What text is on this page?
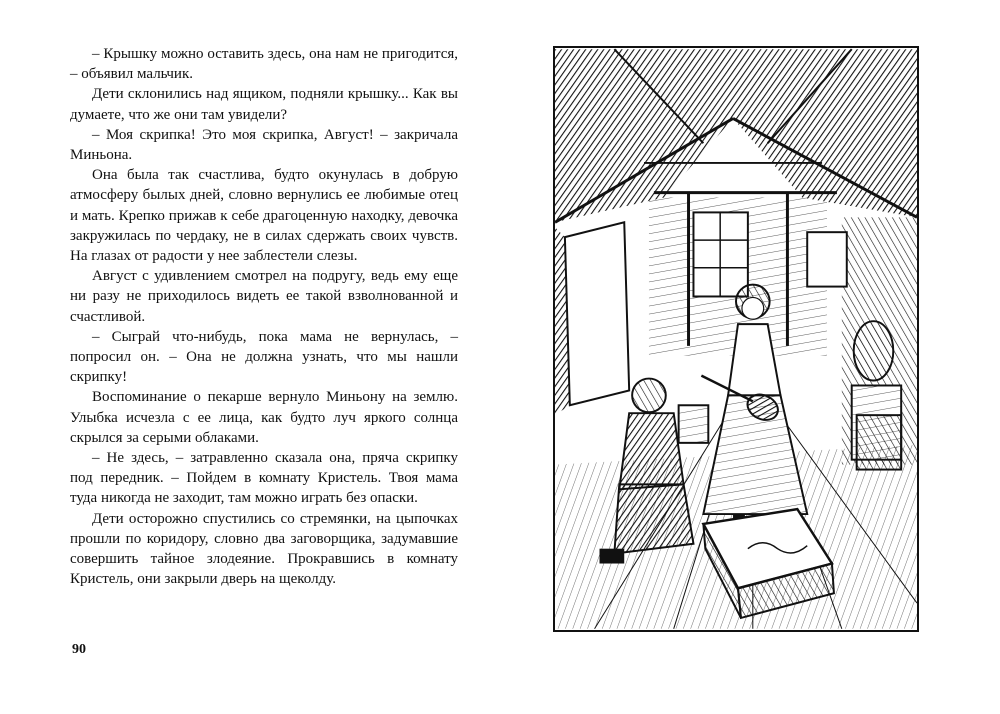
– Крышку можно оставить здесь, она нам не пригодится, – объявил мальчик.

Дети склонились над ящиком, подняли крышку... Как вы думаете, что же они там увидели?

– Моя скрипка! Это моя скрипка, Август! – закричала Миньона.

Она была так счастлива, будто окунулась в добрую атмосферу былых дней, словно вернулись ее любимые отец и мать. Крепко прижав к себе драгоценную находку, девочка закружилась по чердаку, не в силах сдержать своих чувств. На глазах от радости у нее заблестели слезы.

Август с удивлением смотрел на подругу, ведь ему еще ни разу не приходилось видеть ее такой взволнованной и счастливой.

– Сыграй что-нибудь, пока мама не вернулась, – попросил он. – Она не должна узнать, что мы нашли скрипку!

Воспоминание о пекарше вернуло Миньону на землю. Улыбка исчезла с ее лица, как будто луч яркого солнца скрылся за серыми облаками.

– Не здесь, – затравленно сказала она, пряча скрипку под передник. – Пойдем в комнату Кристель. Твоя мама туда никогда не заходит, там можно играть без опаски.

Дети осторожно спустились со стремянки, на цыпочках прошли по коридору, словно два заговорщика, задумавшие совершить тайное злодеяние. Прокравшись в комнату Кристель, они закрыли дверь на щеколду.

90
